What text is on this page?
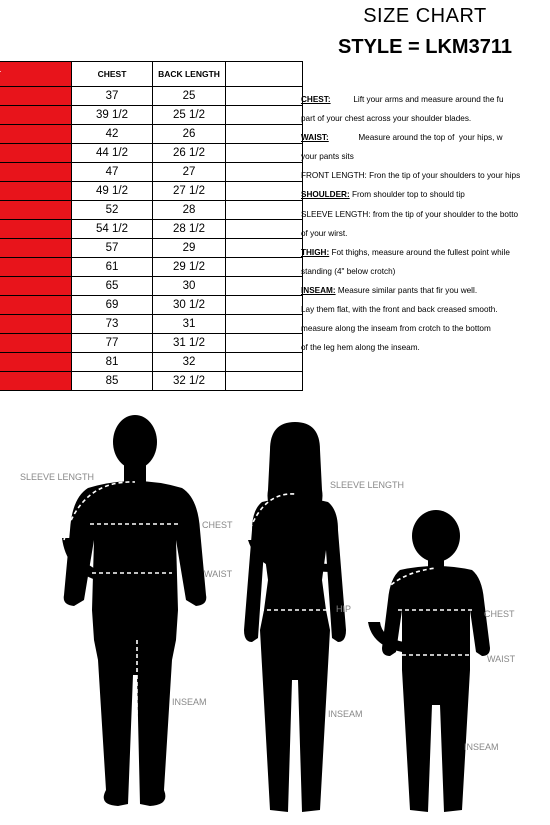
SIZE CHART
STYLE = LKM3711
	CHEST	BACK LENGTH	
	37	25	
	39 1/2	25 1/2	
	42	26	
	44 1/2	26 1/2	
	47	27	
	49 1/2	27 1/2	
	52	28	
	54 1/2	28 1/2	
	57	29	
	61	29 1/2	
	65	30	
	69	30 1/2	
	73	31	
	77	31 1/2	
	81	32	
	85	32 1/2	
CHEST:          Lift your arms and measure around the fu
part of your chest across your shoulder blades.
WAIST:             Measure around the top of  your hips, w
your pants sits
FRONT LENGTH: Fron the tip of your shoulders to your hips
SHOULDER: From shoulder top to should tip
SLEEVE LENGTH: from the tip of your shoulder to the botto
of your wirst.
THIGH: Fot thighs, measure around the fullest point while
standing (4" below crotch)
INSEAM: Measure similar pants that fir you well.
Lay them flat, with the front and back creased smooth.
measure along the inseam from crotch to the bottom
of the leg hem along the inseam.
SLEEVE LENGTH
CHEST
WAIST
INSEAM
SLEEVE LENGTH
HIP
INSEAM
CHEST
WAIST
INSEAM
